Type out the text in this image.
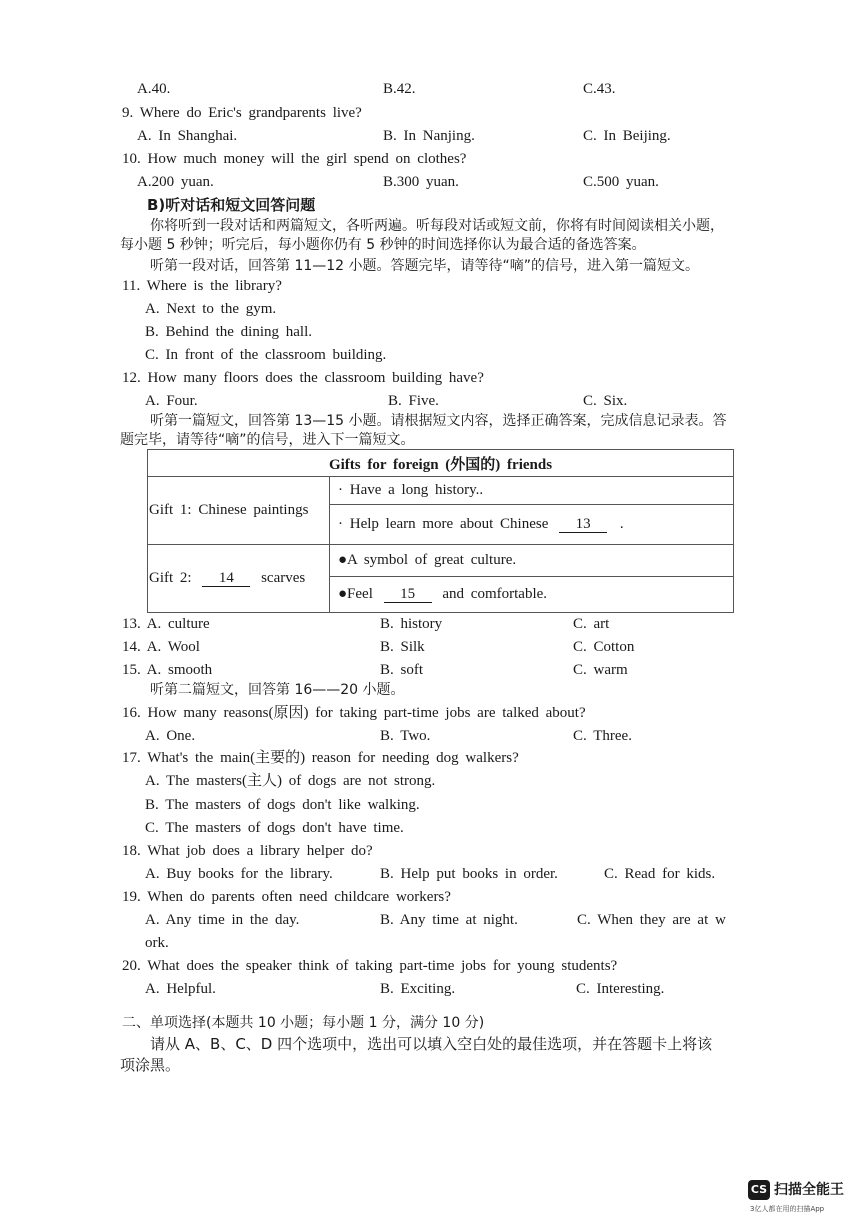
A.40.	B.42.	C.43.
9. Where do Eric's grandparents live?
A. In Shanghai.	B. In Nanjing.	C. In Beijing.
10. How much money will the girl spend on clothes?
A.200 yuan.	B.300 yuan.	C.500 yuan.
B)听对话和短文回答问题
你将听到一段对话和两篇短文，各听两遍。听每段对话或短文前，你将有时间阅读相关小题，
每小题 5 秒钟；听完后，每小题你仍有 5 秒钟的时间选择你认为最合适的备选答案。
听第一段对话，回答第 11—12 小题。答题完毕，请等待“嘀”的信号，进入第一篇短文。
11. Where is the library?
A. Next to the gym.
B. Behind the dining hall.
C. In front of the classroom building.
12. How many floors does the classroom building have?
A. Four.	B. Five.	C. Six.
听第一篇短文，回答第 13—15 小题。请根据短文内容，选择正确答案，完成信息记录表。答
题完毕，请等待“嘀”的信号，进入下一篇短文。
Gifts for foreign (外国的) friends	
Gift 1: Chinese paintings	· Have a long history..
	· Help learn more about Chinese 13 .
Gift 2: 14 scarves	●A symbol of great culture.
	●Feel 15 and comfortable.
13. A. culture	B. history	C. art
14. A. Wool	B. Silk	C. Cotton
15. A. smooth	B. soft	C. warm
听第二篇短文，回答第 16——20 小题。
16. How many reasons(原因) for taking part-time jobs are talked about?
A. One.	B. Two.	C. Three.
17. What's the main(主要的) reason for needing dog walkers?
A. The masters(主人) of dogs are not strong.
B. The masters of dogs don't like walking.
C. The masters of dogs don't have time.
18. What job does a library helper do?
A. Buy books for the library.	B. Help put books in order.	C. Read for kids.
19. When do parents often need childcare workers?
A. Any time in the day.	B. Any time at night.	C. When they are at w
ork.
20. What does the speaker think of taking part-time jobs for young students?
A. Helpful.	B. Exciting.	C. Interesting.
二、单项选择(本题共 10 小题；每小题 1 分，满分 10 分)
请从 A、B、C、D 四个选项中，选出可以填入空白处的最佳选项，并在答题卡上将该
项涂黑。
CS 扫描全能王
3亿人都在用的扫描App
